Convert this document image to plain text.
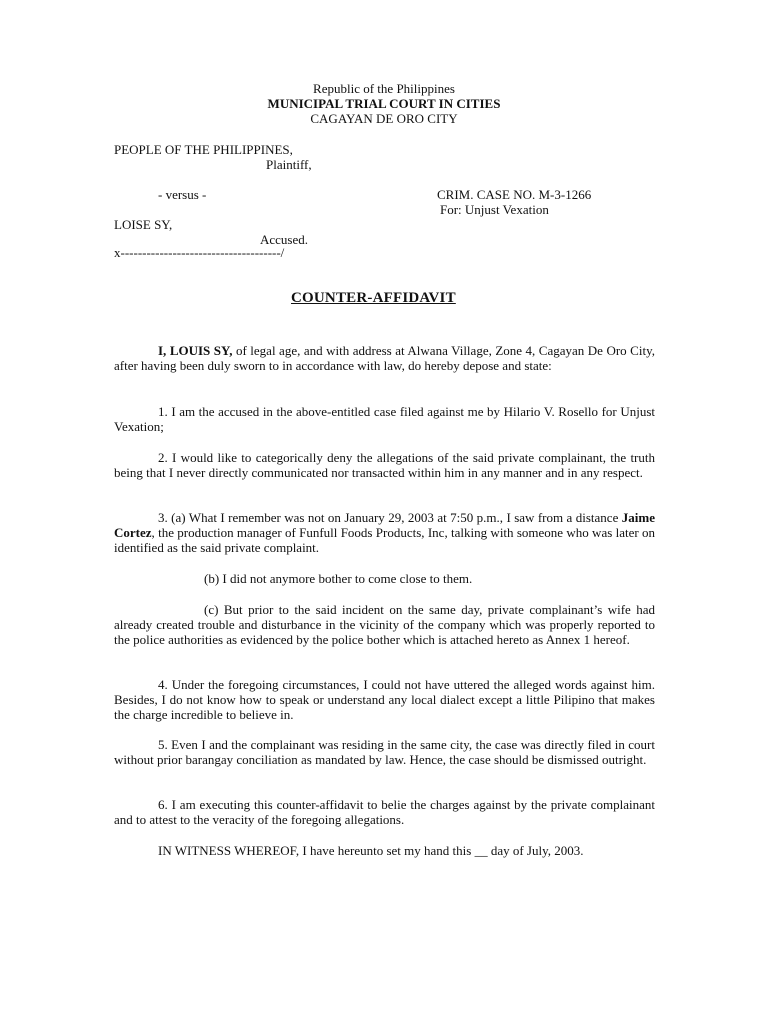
Republic of the Philippines
MUNICIPAL TRIAL COURT IN CITIES
CAGAYAN DE ORO CITY
PEOPLE OF THE PHILIPPINES,
Plaintiff,
- versus -	CRIM. CASE NO. M-3-1266
For: Unjust Vexation
LOISE SY,
Accused.
x-------------------------------------/
COUNTER-AFFIDAVIT
I, LOUIS SY, of legal age, and with address at Alwana Village, Zone 4, Cagayan De Oro City, after having been duly sworn to in accordance with law, do hereby depose and state:
1. I am the accused in the above-entitled case filed against me by Hilario V. Rosello for Unjust Vexation;
2. I would like to categorically deny the allegations of the said private complainant, the truth being that I never directly communicated nor transacted within him in any manner and in any respect.
3. (a) What I remember was not on January 29, 2003 at 7:50 p.m., I saw from a distance Jaime Cortez, the production manager of Funfull Foods Products, Inc, talking with someone who was later on identified as the said private complaint.
(b) I did not anymore bother to come close to them.
(c) But prior to the said incident on the same day, private complainant’s wife had already created trouble and disturbance in the vicinity of the company which was properly reported to the police authorities as evidenced by the police bother which is attached hereto as Annex 1 hereof.
4. Under the foregoing circumstances, I could not have uttered the alleged words against him. Besides, I do not know how to speak or understand any local dialect except a little Pilipino that makes the charge incredible to believe in.
5. Even I and the complainant was residing in the same city, the case was directly filed in court without prior barangay conciliation as mandated by law. Hence, the case should be dismissed outright.
6. I am executing this counter-affidavit to belie the charges against by the private complainant and to attest to the veracity of the foregoing allegations.
IN WITNESS WHEREOF, I have hereunto set my hand this __ day of July, 2003.
